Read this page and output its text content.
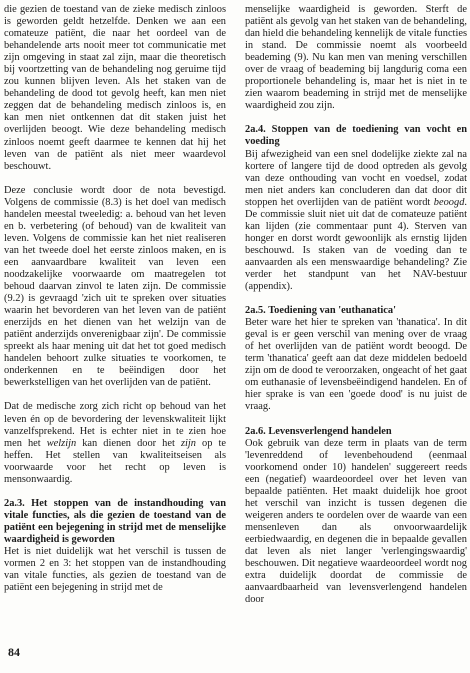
die gezien de toestand van de zieke medisch zinloos is geworden geldt hetzelfde. Denken we aan een comateuze patiënt, die naar het oordeel van de behandelende arts nooit meer tot communicatie met zijn omgeving in staat zal zijn, maar die theoretisch bij voortzetting van de behandeling nog geruime tijd zou kunnen blijven leven. Als het staken van de behandeling de dood tot gevolg heeft, kan men niet zeggen dat de behandeling medisch zinloos is, en kan men niet ontkennen dat dit staken juist het overlijden beoogt. Wie deze behandeling medisch zinloos noemt geeft daarmee te kennen dat hij het leven van de patiënt als niet meer waardevol beschouwt.

Deze conclusie wordt door de nota bevestigd. Volgens de commissie (8.3) is het doel van medisch handelen meestal tweeledig: a. behoud van het leven en b. verbetering (of behoud) van de kwaliteit van leven. Volgens de commissie kan het niet realiseren van het tweede doel het eerste zinloos maken, en is een aanvaardbare kwaliteit van leven een noodzakelijke voorwaarde om maatregelen tot behoud daarvan zinvol te laten zijn. De commissie (9.2) is gevraagd 'zich uit te spreken over situaties waarin het bevorderen van het leven van de patiënt enerzijds en het dienen van het welzijn van de patiënt anderzijds onverenigbaar zijn'. De commissie spreekt als haar mening uit dat het tot goed medisch handelen behoort zulke situaties te voorkomen, te onderkennen en te beëindigen door het bewerkstelligen van het overlijden van de patiënt.

Dat de medische zorg zich richt op behoud van het leven én op de bevordering der levenskwaliteit lijkt vanzelfsprekend. Het is echter niet in te zien hoe men het welzijn kan dienen door het zijn op te heffen. Het stellen van kwaliteitseisen als voorwaarde voor het recht op leven is mensonwaardig.

2a.3. Het stoppen van de instandhouding van vitale functies, als die gezien de toestand van de patiënt een bejegening in strijd met de menselijke waardigheid is geworden

Het is niet duidelijk wat het verschil is tussen de vormen 2 en 3: het stoppen van de instandhouding van vitale functies, als gezien de toestand van de patiënt een bejegening in strijd met de

menselijke waardigheid is geworden. Sterft de patiënt als gevolg van het staken van de behandeling, dan hield die behandeling kennelijk de vitale functies in stand. De commissie noemt als voorbeeld beademing (9). Nu kan men van mening verschillen over de vraag of beademing bij langdurig coma een proportionele behandeling is, maar het is niet in te zien waarom beademing in strijd met de menselijke waardigheid zou zijn.

2a.4. Stoppen van de toediening van vocht en voeding

Bij afwezigheid van een snel dodelijke ziekte zal na kortere of langere tijd de dood optreden als gevolg van deze onthouding van vocht en voedsel, zodat men niet anders kan concluderen dan dat door dit stoppen het overlijden van de patiënt wordt beoogd. De commissie sluit niet uit dat de comateuze patiënt kan lijden (zie commentaar punt 4). Sterven van honger en dorst wordt gewoonlijk als ernstig lijden beschouwd. Is staken van de voeding dan te aanvaarden als een menswaardige behandeling? Zie verder het standpunt van het NAV-bestuur (appendix).

2a.5. Toediening van 'euthanatica'

Beter ware het hier te spreken van 'thanatica'. In dit geval is er geen verschil van mening over de vraag of het overlijden van de patiënt wordt beoogd. De term 'thanatica' geeft aan dat deze middelen bedoeld zijn om de dood te veroorzaken, ongeacht of het gaat om euthanasie of levensbeëindigend handelen. En of hier sprake is van een 'goede dood' is nu juist de vraag.

2a.6. Levensverlengend handelen

Ook gebruik van deze term in plaats van de term 'levenreddend of levenbehoudend (eenmaal voorkomend onder 10) handelen' suggereert reeds een (negatief) waardeoordeel over het leven van bepaalde patiënten. Het maakt duidelijk hoe groot het verschil van inzicht is tussen degenen die weigeren anders te oordelen over de waarde van een mensenleven dan als onvoorwaardelijk eerbiedwaardig, en degenen die in bepaalde gevallen dat leven als niet langer 'verlengingswaardig' beschouwen. Dit negatieve waardeoordeel wordt nog extra duidelijk doordat de commissie de aanvaardbaarheid van levensverlengend handelen door

84
